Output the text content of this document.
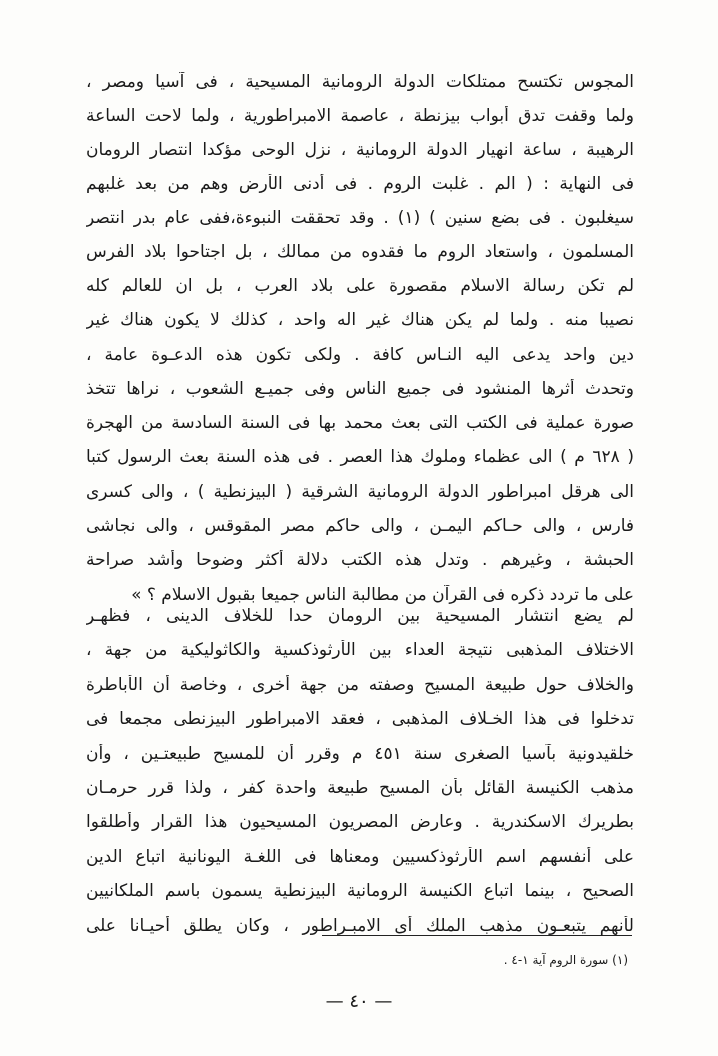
المجوس تكتسح ممتلكات الدولة الرومانية المسيحية ، فى آسيا ومصر ،
ولما وقفت تدق أبواب بيزنطة ، عاصمة الامبراطورية ، ولما لاحت الساعة
الرهيبة ، ساعة انهيار الدولة الرومانية ، نزل الوحى مؤكدا انتصار الرومان
فى النهاية : ( الم . غلبت الروم . فى أدنى الأرض وهم من بعد غلبهم
سيغلبون . فى بضع سنين ) (١) . وقد تحققت النبوءة،ففى عام بدر انتصر
المسلمون ، واستعاد الروم ما فقدوه من ممالك ، بل اجتاحوا بلاد الفرس
لم تكن رسالة الاسلام مقصورة على بلاد العرب ، بل ان للعالم كله
نصيبا منه . ولما لم يكن هناك غير اله واحد ، كذلك لا يكون هناك غير
دين واحد يدعى اليه النـاس كافة . ولكى تكون هذه الدعـوة عامة ،
وتحدث أثرها المنشود فى جميع الناس وفى جميـع الشعوب ، نراها تتخذ
صورة عملية فى الكتب التى بعث محمد بها فى السنة السادسة من الهجرة
( ٦٢٨ م ) الى عظماء وملوك هذا العصر . فى هذه السنة بعث الرسول كتبا
الى هرقل امبراطور الدولة الرومانية الشرقية ( البيزنطية ) ، والى كسرى
فارس ، والى حـاكم اليمـن ، والى حاكم مصر المقوقس ، والى نجاشى
الحبشة ، وغيرهم . وتدل هذه الكتب دلالة أكثر وضوحا وأشد صراحة
على ما تردد ذكره فى القرآن من مطالبة الناس جميعا بقبول الاسلام ؟ »
لم يضع انتشار المسيحية بين الرومان حدا للخلاف الدينى ، فظهـر
الاختلاف المذهبى نتيجة العداء بين الأرثوذكسية والكاثوليكية من جهة ،
والخلاف حول طبيعة المسيح وصفته من جهة أخرى ، وخاصة أن الأباطرة
تدخلوا فى هذا الخـلاف المذهبى ، فعقد الامبراطور البيزنطى مجمعا فى
خلقيدونية بآسيا الصغرى سنة ٤٥١ م وقرر أن للمسيح طبيعتـين ، وأن
مذهب الكنيسة القائل بأن المسيح طبيعة واحدة كفر ، ولذا قرر حرمـان
بطريرك الاسكندرية . وعارض المصريون المسيحيون هذا القرار وأطلقوا
على أنفسهم اسم الأرثوذكسيين ومعناها فى اللغـة اليونانية اتباع الدين
الصحيح ، بينما اتباع الكنيسة الرومانية البيزنطية يسمون باسم الملكانيين
لأنهم يتبعـون مذهب الملك أى الامبـراطور ، وكان يطلق أحيـانا على
(١) سورة الروم آية ١-٤ .
— ٤٠ —
